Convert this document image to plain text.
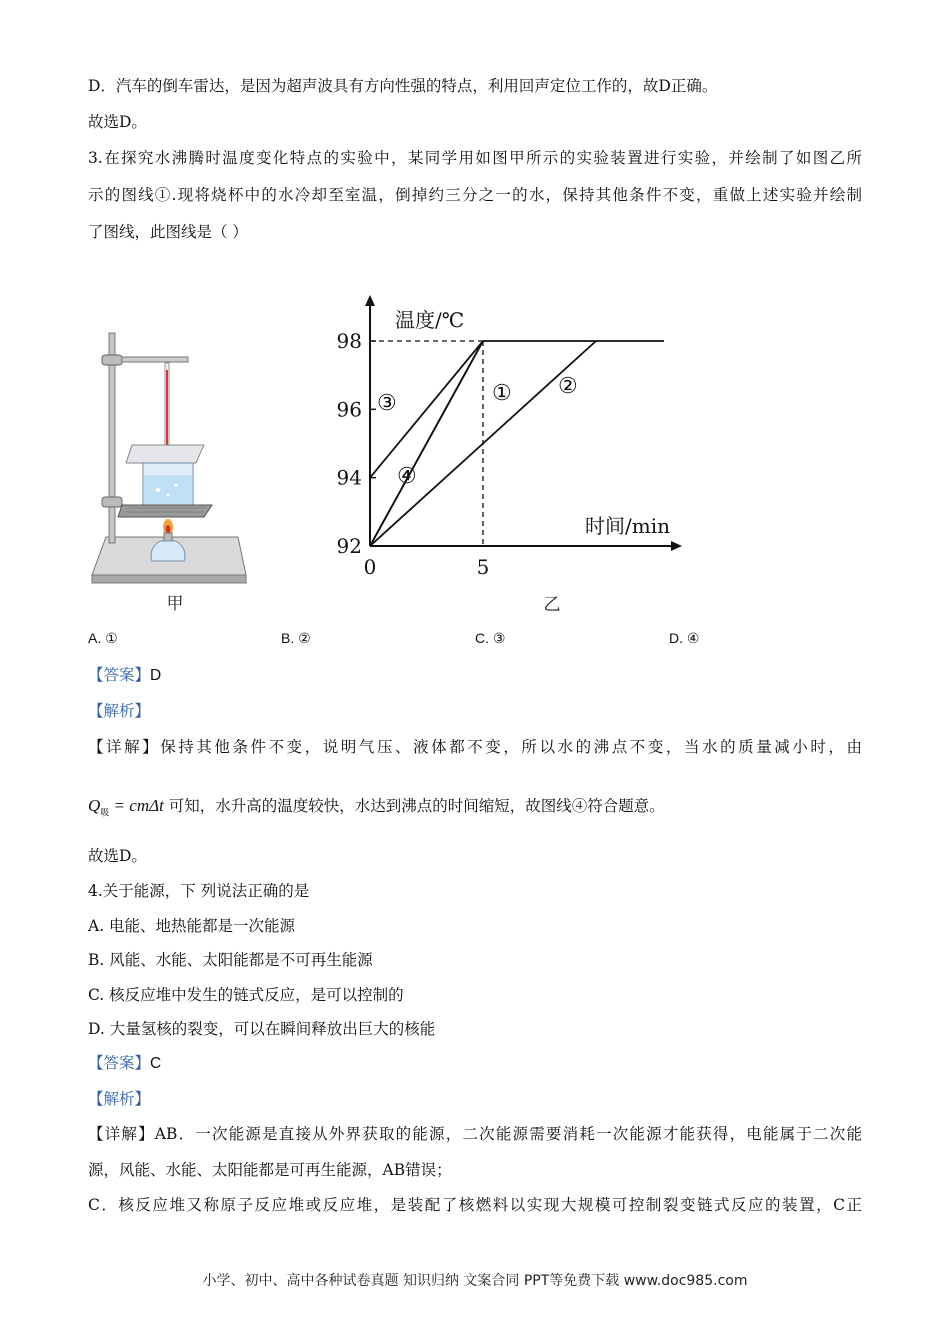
D．汽车的倒车雷达，是因为超声波具有方向性强的特点，利用回声定位工作的，故D正确。
故选D。
3.在探究水沸腾时温度变化特点的实验中，某同学用如图甲所示的实验装置进行实验，并绘制了如图乙所
示的图线①.现将烧杯中的水冷却至室温，倒掉约三分之一的水，保持其他条件不变，重做上述实验并绘制
了图线，此图线是（ ）
甲
温度/℃
时间/min
92
94
96
98
0	5
① ②
③
④
乙
A. ①	B. ②	C. ③	D. ④
【答案】D
【解析】
【详解】保持其他条件不变，说明气压、液体都不变，所以水的沸点不变，当水的质量减小时，由
$Q_吸 = cm\Delta t$ 可知，水升高的温度较快，水达到沸点的时间缩短，故图线④符合题意。
故选D。
4.关于能源，下 列说法正确的是
A. 电能、地热能都是一次能源
B. 风能、水能、太阳能都是不可再生能源
C. 核反应堆中发生的链式反应，是可以控制的
D. 大量氢核的裂变，可以在瞬间释放出巨大的核能
【答案】C
【解析】
【详解】AB．一次能源是直接从外界获取的能源，二次能源需要消耗一次能源才能获得，电能属于二次能
源，风能、水能、太阳能都是可再生能源，AB错误；
C．核反应堆又称原子反应堆或反应堆，是装配了核燃料以实现大规模可控制裂变链式反应的装置，C正
小学、初中、高中各种试卷真题 知识归纳 文案合同 PPT等免费下载 www.doc985.com
